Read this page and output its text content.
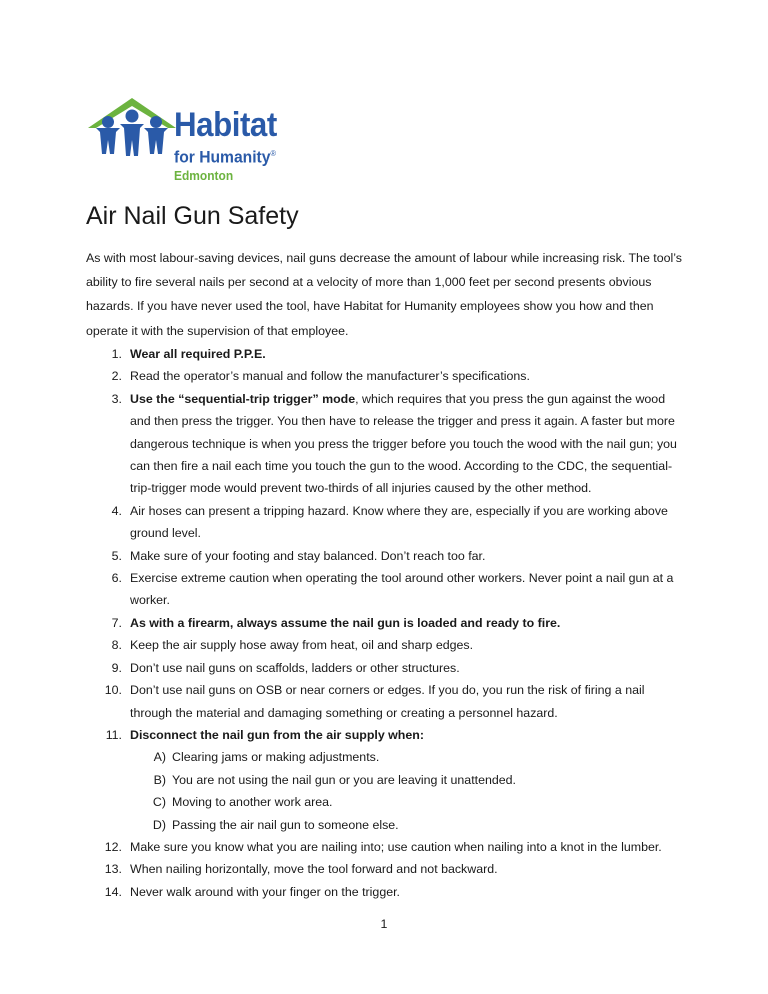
Habitat
for Humanity®
Edmonton
Air Nail Gun Safety

As with most labour-saving devices, nail guns decrease the amount of labour while increasing risk. The tool’s ability to fire several nails per second at a velocity of more than 1,000 feet per second presents obvious hazards. If you have never used the tool, have Habitat for Humanity employees show you how and then operate it with the supervision of that employee.

1. Wear all required P.P.E.
2. Read the operator’s manual and follow the manufacturer’s specifications.
3. Use the “sequential-trip trigger” mode, which requires that you press the gun against the wood and then press the trigger. You then have to release the trigger and press it again. A faster but more dangerous technique is when you press the trigger before you touch the wood with the nail gun; you can then fire a nail each time you touch the gun to the wood. According to the CDC, the sequential-trip-trigger mode would prevent two-thirds of all injuries caused by the other method.
4. Air hoses can present a tripping hazard. Know where they are, especially if you are working above ground level.
5. Make sure of your footing and stay balanced. Don’t reach too far.
6. Exercise extreme caution when operating the tool around other workers. Never point a nail gun at a worker.
7. As with a firearm, always assume the nail gun is loaded and ready to fire.
8. Keep the air supply hose away from heat, oil and sharp edges.
9. Don’t use nail guns on scaffolds, ladders or other structures.
10. Don’t use nail guns on OSB or near corners or edges. If you do, you run the risk of firing a nail through the material and damaging something or creating a personnel hazard.
11. Disconnect the nail gun from the air supply when:
A) Clearing jams or making adjustments.
B) You are not using the nail gun or you are leaving it unattended.
C) Moving to another work area.
D) Passing the air nail gun to someone else.
12. Make sure you know what you are nailing into; use caution when nailing into a knot in the lumber.
13. When nailing horizontally, move the tool forward and not backward.
14. Never walk around with your finger on the trigger.
1
